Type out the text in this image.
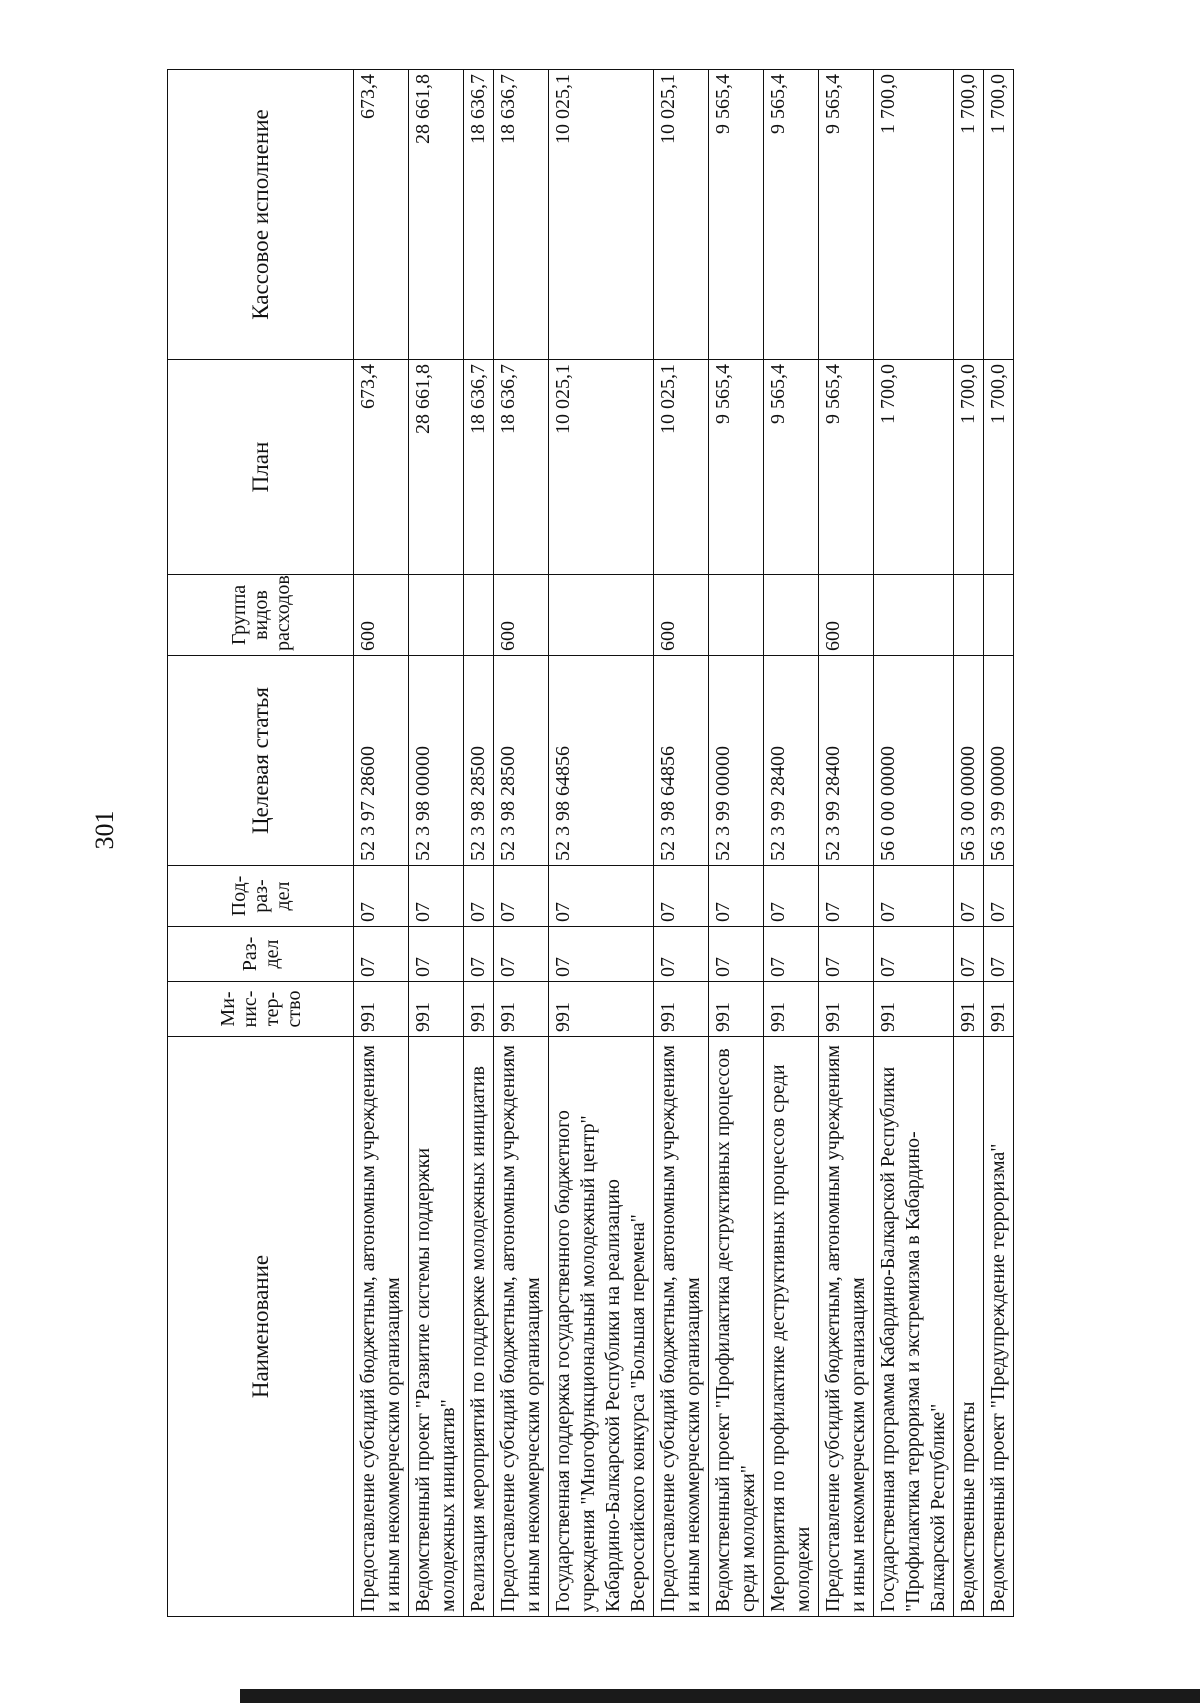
301
Наименование	Ми-нис-тер-ство	Раз-дел	Под-раз-дел	Целевая статья	Группа видов расходов	План	Кассовое исполнение
Предоставление субсидий бюджетным, автономным учреждениям и иным некоммерческим организациям	991	07	07	52 3 97 28600	600	673,4	673,4
Ведомственный проект "Развитие системы поддержки молодежных инициатив"	991	07	07	52 3 98 00000		28 661,8	28 661,8
Реализация мероприятий по поддержке молодежных инициатив	991	07	07	52 3 98 28500		18 636,7	18 636,7
Предоставление субсидий бюджетным, автономным учреждениям и иным некоммерческим организациям	991	07	07	52 3 98 28500	600	18 636,7	18 636,7
Государственная поддержка государственного бюджетного учреждения "Многофункциональный молодежный центр" Кабардино-Балкарской Республики на реализацию Всероссийского конкурса "Большая перемена"	991	07	07	52 3 98 64856		10 025,1	10 025,1
Предоставление субсидий бюджетным, автономным учреждениям и иным некоммерческим организациям	991	07	07	52 3 98 64856	600	10 025,1	10 025,1
Ведомственный проект "Профилактика деструктивных процессов среди молодежи"	991	07	07	52 3 99 00000		9 565,4	9 565,4
Мероприятия по профилактике деструктивных процессов среди молодежи	991	07	07	52 3 99 28400		9 565,4	9 565,4
Предоставление субсидий бюджетным, автономным учреждениям и иным некоммерческим организациям	991	07	07	52 3 99 28400	600	9 565,4	9 565,4
Государственная программа Кабардино-Балкарской Республики "Профилактика терроризма и экстремизма в Кабардино-Балкарской Республике"	991	07	07	56 0 00 00000		1 700,0	1 700,0
Ведомственные проекты	991	07	07	56 3 00 00000		1 700,0	1 700,0
Ведомственный проект "Предупреждение терроризма"	991	07	07	56 3 99 00000		1 700,0	1 700,0
